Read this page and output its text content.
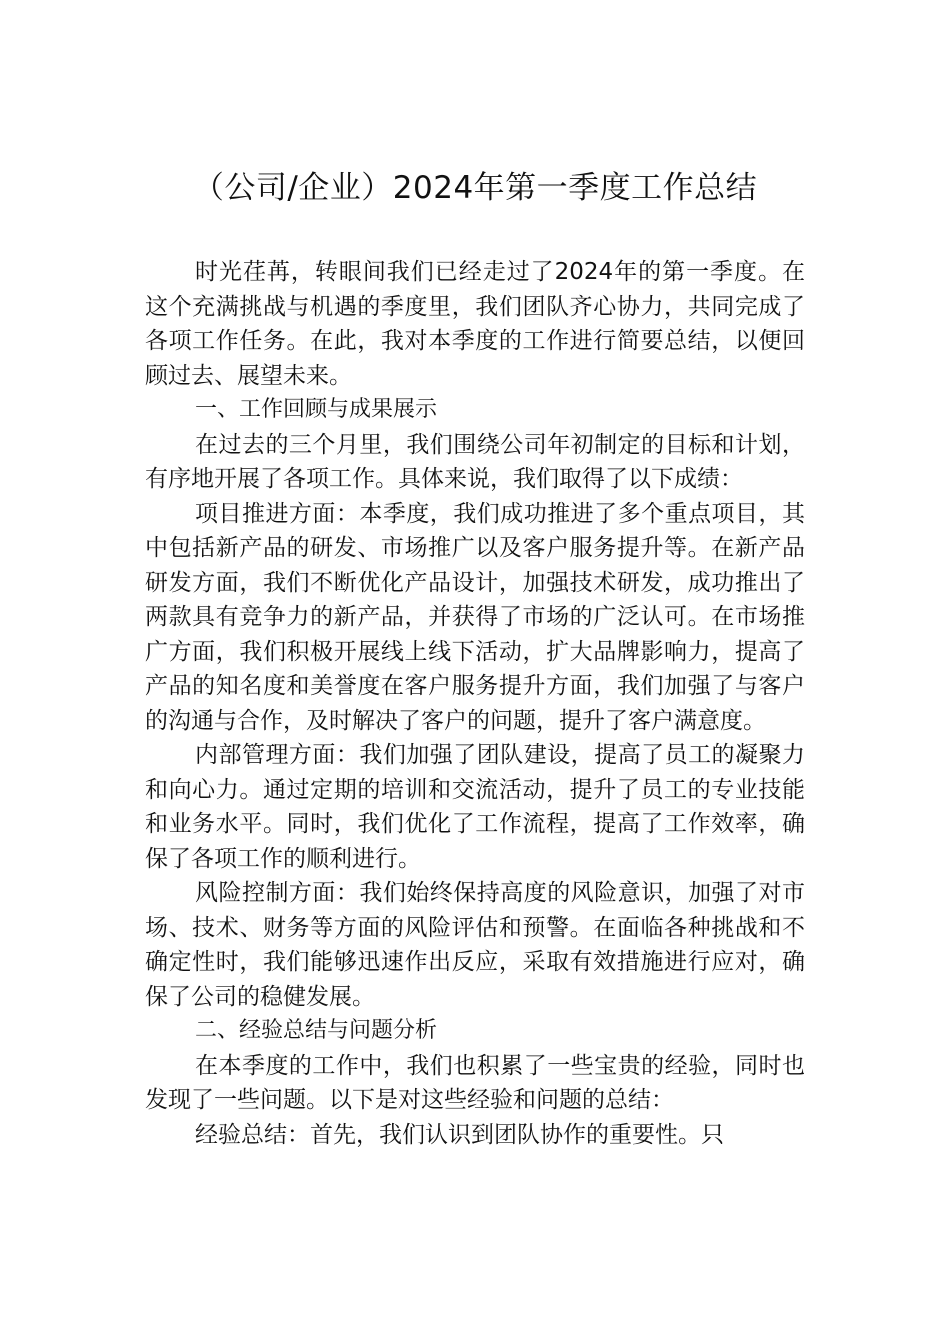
（公司/企业）2024年第一季度工作总结

时光荏苒，转眼间我们已经走过了2024年的第一季度。在这个充满挑战与机遇的季度里，我们团队齐心协力，共同完成了各项工作任务。在此，我对本季度的工作进行简要总结，以便回顾过去、展望未来。

一、工作回顾与成果展示

在过去的三个月里，我们围绕公司年初制定的目标和计划，有序地开展了各项工作。具体来说，我们取得了以下成绩：

项目推进方面：本季度，我们成功推进了多个重点项目，其中包括新产品的研发、市场推广以及客户服务提升等。在新产品研发方面，我们不断优化产品设计，加强技术研发，成功推出了两款具有竞争力的新产品，并获得了市场的广泛认可。在市场推广方面，我们积极开展线上线下活动，扩大品牌影响力，提高了产品的知名度和美誉度在客户服务提升方面，我们加强了与客户的沟通与合作，及时解决了客户的问题，提升了客户满意度。

内部管理方面：我们加强了团队建设，提高了员工的凝聚力和向心力。通过定期的培训和交流活动，提升了员工的专业技能和业务水平。同时，我们优化了工作流程，提高了工作效率，确保了各项工作的顺利进行。

风险控制方面：我们始终保持高度的风险意识，加强了对市场、技术、财务等方面的风险评估和预警。在面临各种挑战和不确定性时，我们能够迅速作出反应，采取有效措施进行应对，确保了公司的稳健发展。

二、经验总结与问题分析

在本季度的工作中，我们也积累了一些宝贵的经验，同时也发现了一些问题。以下是对这些经验和问题的总结：

经验总结：首先，我们认识到团队协作的重要性。只
